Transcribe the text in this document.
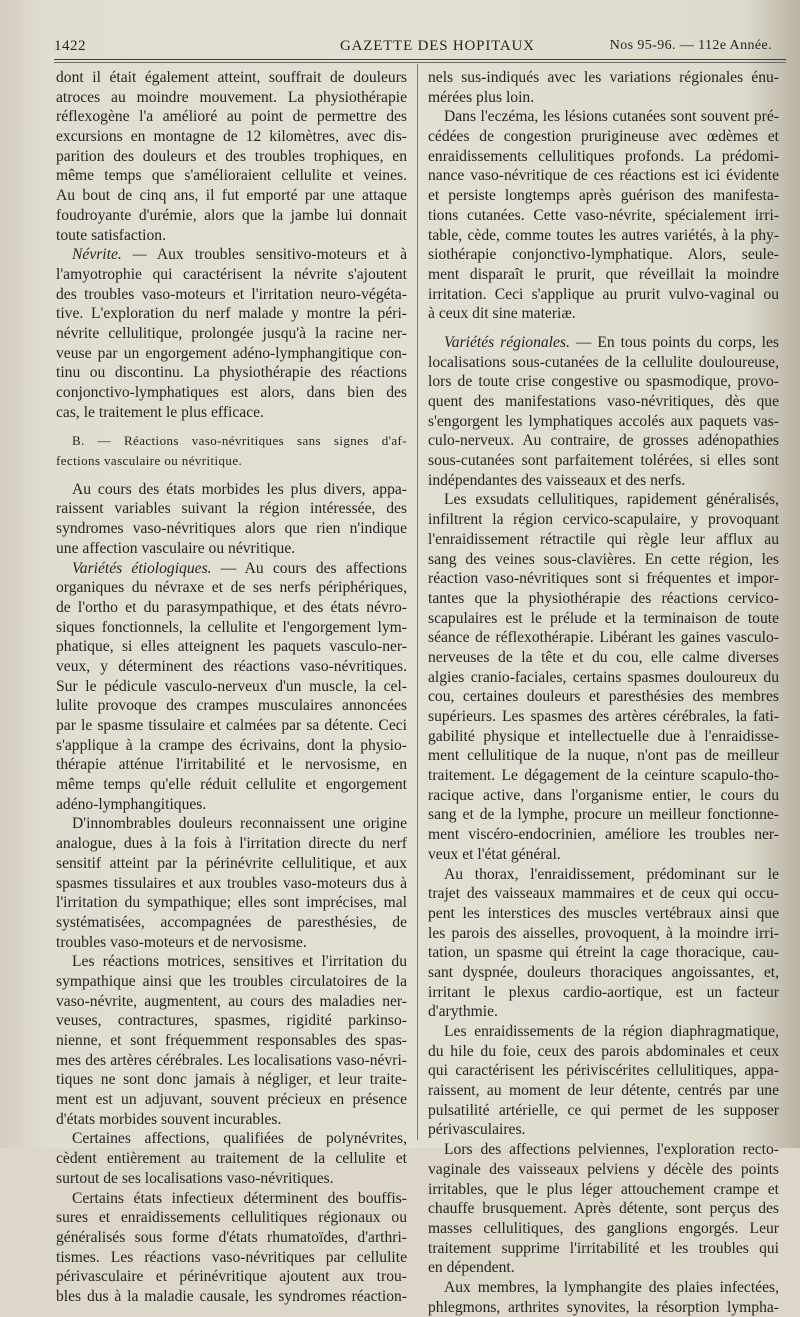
1422	GAZETTE DES HOPITAUX	Nos 95-96. — 112e Année.
dont il était également atteint, souffrait de douleurs
atroces au moindre mouvement. La physiothérapie
réflexogène l'a amélioré au point de permettre des
excursions en montagne de 12 kilomètres, avec dis-
parition des douleurs et des troubles trophiques, en
même temps que s'amélioraient cellulite et veines.
Au bout de cinq ans, il fut emporté par une attaque
foudroyante d'urémie, alors que la jambe lui donnait
toute satisfaction.
Névrite. — Aux troubles sensitivo-moteurs et à
l'amyotrophie qui caractérisent la névrite s'ajoutent
des troubles vaso-moteurs et l'irritation neuro-végéta-
tive. L'exploration du nerf malade y montre la péri-
névrite cellulitique, prolongée jusqu'à la racine ner-
veuse par un engorgement adéno-lymphangitique con-
tinu ou discontinu. La physiothérapie des réactions
conjonctivo-lymphatiques est alors, dans bien des
cas, le traitement le plus efficace.
B. — Réactions vaso-névritiques sans signes d'af-
fections vasculaire ou névritique.
Au cours des états morbides les plus divers, appa-
raissent variables suivant la région intéressée, des
syndromes vaso-névritiques alors que rien n'indique
une affection vasculaire ou névritique.
Variétés étiologiques. — Au cours des affections
organiques du névraxe et de ses nerfs périphériques,
de l'ortho et du parasympathique, et des états névro-
siques fonctionnels, la cellulite et l'engorgement lym-
phatique, si elles atteignent les paquets vasculo-ner-
veux, y déterminent des réactions vaso-névritiques.
Sur le pédicule vasculo-nerveux d'un muscle, la cel-
lulite provoque des crampes musculaires annoncées
par le spasme tissulaire et calmées par sa détente. Ceci
s'applique à la crampe des écrivains, dont la physio-
thérapie atténue l'irritabilité et le nervosisme, en
même temps qu'elle réduit cellulite et engorgement
adéno-lymphangitiques.
D'innombrables douleurs reconnaissent une origine
analogue, dues à la fois à l'irritation directe du nerf
sensitif atteint par la périnévrite cellulitique, et aux
spasmes tissulaires et aux troubles vaso-moteurs dus à
l'irritation du sympathique; elles sont imprécises, mal
systématisées, accompagnées de paresthésies, de
troubles vaso-moteurs et de nervosisme.
Les réactions motrices, sensitives et l'irritation du
sympathique ainsi que les troubles circulatoires de la
vaso-névrite, augmentent, au cours des maladies ner-
veuses, contractures, spasmes, rigidité parkinso-
nienne, et sont fréquemment responsables des spas-
mes des artères cérébrales. Les localisations vaso-névri-
tiques ne sont donc jamais à négliger, et leur traite-
ment est un adjuvant, souvent précieux en présence
d'états morbides souvent incurables.
Certaines affections, qualifiées de polynévrites,
cèdent entièrement au traitement de la cellulite et
surtout de ses localisations vaso-névritiques.
Certains états infectieux déterminent des bouffis-
sures et enraidissements cellulitiques régionaux ou
généralisés sous forme d'états rhumatoïdes, d'arthri-
tismes. Les réactions vaso-névritiques par cellulite
périvasculaire et périnévritique ajoutent aux trou-
bles dus à la maladie causale, les syndromes réaction-
nels sus-indiqués avec les variations régionales énu-
mérées plus loin.
Dans l'eczéma, les lésions cutanées sont souvent pré-
cédées de congestion prurigineuse avec œdèmes et
enraidissements cellulitiques profonds. La prédomi-
nance vaso-névritique de ces réactions est ici évidente
et persiste longtemps après guérison des manifesta-
tions cutanées. Cette vaso-névrite, spécialement irri-
table, cède, comme toutes les autres variétés, à la phy-
siothérapie conjonctivo-lymphatique. Alors, seule-
ment disparaît le prurit, que réveillait la moindre
irritation. Ceci s'applique au prurit vulvo-vaginal ou
à ceux dit sine materiæ.
Variétés régionales. — En tous points du corps, les
localisations sous-cutanées de la cellulite douloureuse,
lors de toute crise congestive ou spasmodique, provo-
quent des manifestations vaso-névritiques, dès que
s'engorgent les lymphatiques accolés aux paquets vas-
culo-nerveux. Au contraire, de grosses adénopathies
sous-cutanées sont parfaitement tolérées, si elles sont
indépendantes des vaisseaux et des nerfs.
Les exsudats cellulitiques, rapidement généralisés,
infiltrent la région cervico-scapulaire, y provoquant
l'enraidissement rétractile qui règle leur afflux au
sang des veines sous-clavières. En cette région, les
réaction vaso-névritiques sont si fréquentes et impor-
tantes que la physiothérapie des réactions cervico-
scapulaires est le prélude et la terminaison de toute
séance de réflexothérapie. Libérant les gaines vasculo-
nerveuses de la tête et du cou, elle calme diverses
algies cranio-faciales, certains spasmes douloureux du
cou, certaines douleurs et paresthésies des membres
supérieurs. Les spasmes des artères cérébrales, la fati-
gabilité physique et intellectuelle due à l'enraidisse-
ment cellulitique de la nuque, n'ont pas de meilleur
traitement. Le dégagement de la ceinture scapulo-tho-
racique active, dans l'organisme entier, le cours du
sang et de la lymphe, procure un meilleur fonctionne-
ment viscéro-endocrinien, améliore les troubles ner-
veux et l'état général.
Au thorax, l'enraidissement, prédominant sur le
trajet des vaisseaux mammaires et de ceux qui occu-
pent les interstices des muscles vertébraux ainsi que
les parois des aisselles, provoquent, à la moindre irri-
tation, un spasme qui étreint la cage thoracique, cau-
sant dyspnée, douleurs thoraciques angoissantes, et,
irritant le plexus cardio-aortique, est un facteur
d'arythmie.
Les enraidissements de la région diaphragmatique,
du hile du foie, ceux des parois abdominales et ceux
qui caractérisent les périviscérites cellulitiques, appa-
raissent, au moment de leur détente, centrés par une
pulsatilité artérielle, ce qui permet de les supposer
périvasculaires.
Lors des affections pelviennes, l'exploration recto-
vaginale des vaisseaux pelviens y décèle des points
irritables, que le plus léger attouchement crampe et
chauffe brusquement. Après détente, sont perçus des
masses cellulitiques, des ganglions engorgés. Leur
traitement supprime l'irritabilité et les troubles qui
en dépendent.
Aux membres, la lymphangite des plaies infectées,
phlegmons, arthrites synovites, la résorption lympha-
